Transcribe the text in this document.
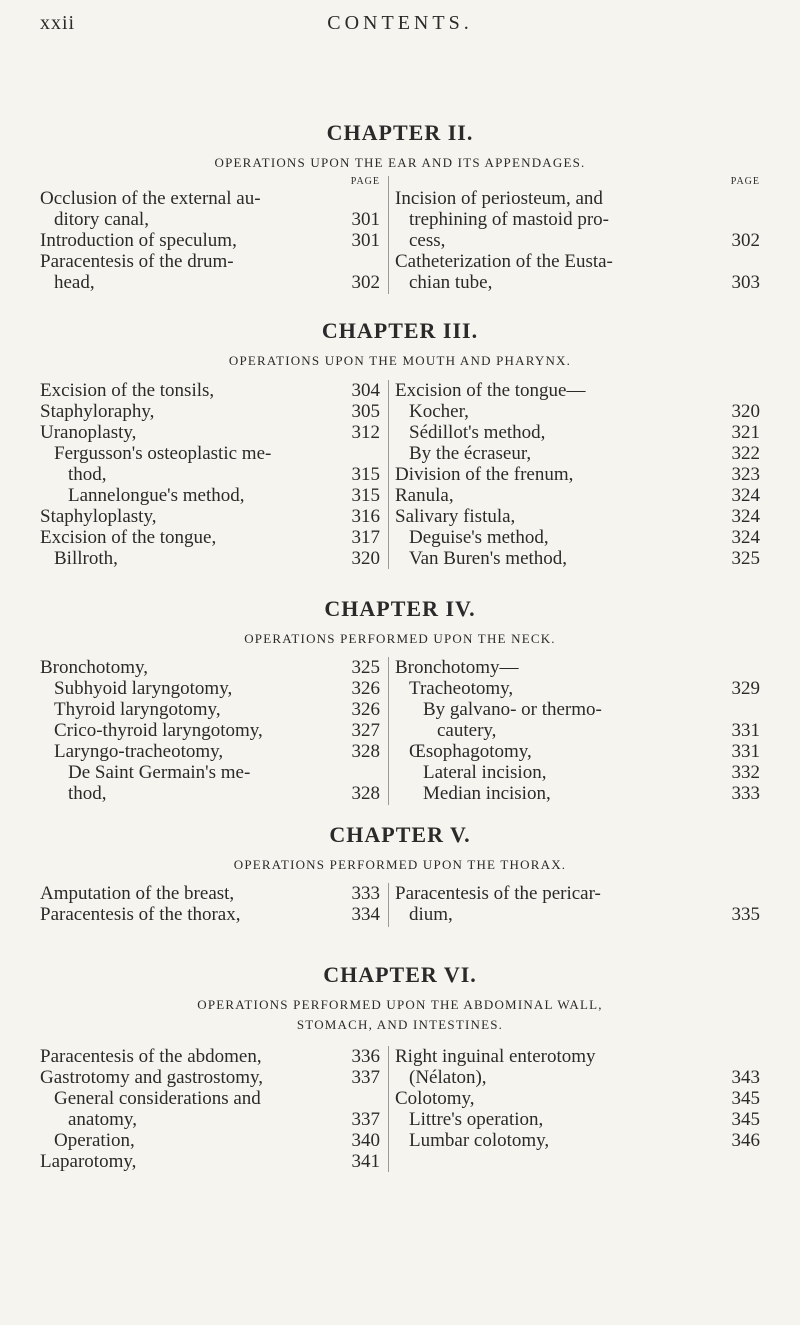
xxii	CONTENTS.
CHAPTER II.

OPERATIONS UPON THE EAR AND ITS APPENDAGES.

PAGE
Occlusion of the external au-
ditory canal,	301
Introduction of speculum,	301
Paracentesis of the drum-
head,	302
PAGE
Incision of periosteum, and
trephining of mastoid pro-
cess,	302
Catheterization of the Eusta-
chian tube,	303
CHAPTER III.

OPERATIONS UPON THE MOUTH AND PHARYNX.

Excision of the tonsils,	304
Staphyloraphy,	305
Uranoplasty,	312
Fergusson's osteoplastic me-
thod,	315
Lannelongue's method,	315
Staphyloplasty,	316
Excision of the tongue,	317
Billroth,	320
Excision of the tongue—
Kocher,	320
Sédillot's method,	321
By the écraseur,	322
Division of the frenum,	323
Ranula,	324
Salivary fistula,	324
Deguise's method,	324
Van Buren's method,	325
CHAPTER IV.

OPERATIONS PERFORMED UPON THE NECK.

Bronchotomy,	325
Subhyoid laryngotomy,	326
Thyroid laryngotomy,	326
Crico-thyroid laryngotomy,	327
Laryngo-tracheotomy,	328
De Saint Germain's me-
thod,	328
Bronchotomy—
Tracheotomy,	329
By galvano- or thermo-
cautery,	331
Œsophagotomy,	331
Lateral incision,	332
Median incision,	333
CHAPTER V.

OPERATIONS PERFORMED UPON THE THORAX.

Amputation of the breast,	333
Paracentesis of the thorax,	334
Paracentesis of the pericar-
dium,	335
CHAPTER VI.

OPERATIONS PERFORMED UPON THE ABDOMINAL WALL,

STOMACH, AND INTESTINES.

Paracentesis of the abdomen,	336
Gastrotomy and gastrostomy,	337
General considerations and
anatomy,	337
Operation,	340
Laparotomy,	341
Right inguinal enterotomy
(Nélaton),	343
Colotomy,	345
Littre's operation,	345
Lumbar colotomy,	346
